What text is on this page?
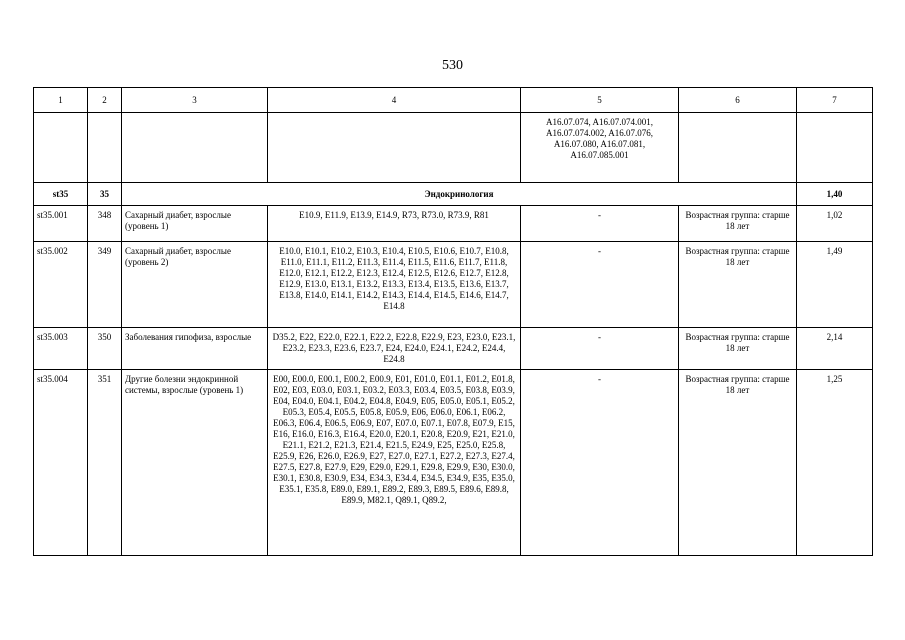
530
1	2	3	4	5	6	7
				A16.07.074, A16.07.074.001, A16.07.074.002, A16.07.076, A16.07.080, A16.07.081, A16.07.085.001		
st35	35	Эндокринология				1,40
st35.001	348	Сахарный диабет, взрослые (уровень 1)	E10.9, E11.9, E13.9, E14.9, R73, R73.0, R73.9, R81	-	Возрастная группа: старше 18 лет	1,02
st35.002	349	Сахарный диабет, взрослые (уровень 2)	E10.0, E10.1, E10.2, E10.3, E10.4, E10.5, E10.6, E10.7, E10.8, E11.0, E11.1, E11.2, E11.3, E11.4, E11.5, E11.6, E11.7, E11.8, E12.0, E12.1, E12.2, E12.3, E12.4, E12.5, E12.6, E12.7, E12.8, E12.9, E13.0, E13.1, E13.2, E13.3, E13.4, E13.5, E13.6, E13.7, E13.8, E14.0, E14.1, E14.2, E14.3, E14.4, E14.5, E14.6, E14.7, E14.8	-	Возрастная группа: старше 18 лет	1,49
st35.003	350	Заболевания гипофиза, взрослые	D35.2, E22, E22.0, E22.1, E22.2, E22.8, E22.9, E23, E23.0, E23.1, E23.2, E23.3, E23.6, E23.7, E24, E24.0, E24.1, E24.2, E24.4, E24.8	-	Возрастная группа: старше 18 лет	2,14
st35.004	351	Другие болезни эндокринной системы, взрослые (уровень 1)	E00, E00.0, E00.1, E00.2, E00.9, E01, E01.0, E01.1, E01.2, E01.8, E02, E03, E03.0, E03.1, E03.2, E03.3, E03.4, E03.5, E03.8, E03.9, E04, E04.0, E04.1, E04.2, E04.8, E04.9, E05, E05.0, E05.1, E05.2, E05.3, E05.4, E05.5, E05.8, E05.9, E06, E06.0, E06.1, E06.2, E06.3, E06.4, E06.5, E06.9, E07, E07.0, E07.1, E07.8, E07.9, E15, E16, E16.0, E16.3, E16.4, E20.0, E20.1, E20.8, E20.9, E21, E21.0, E21.1, E21.2, E21.3, E21.4, E21.5, E24.9, E25, E25.0, E25.8, E25.9, E26, E26.0, E26.9, E27, E27.0, E27.1, E27.2, E27.3, E27.4, E27.5, E27.8, E27.9, E29, E29.0, E29.1, E29.8, E29.9, E30, E30.0, E30.1, E30.8, E30.9, E34, E34.3, E34.4, E34.5, E34.9, E35, E35.0, E35.1, E35.8, E89.0, E89.1, E89.2, E89.3, E89.5, E89.6, E89.8, E89.9, M82.1, Q89.1, Q89.2,	-	Возрастная группа: старше 18 лет	1,25
